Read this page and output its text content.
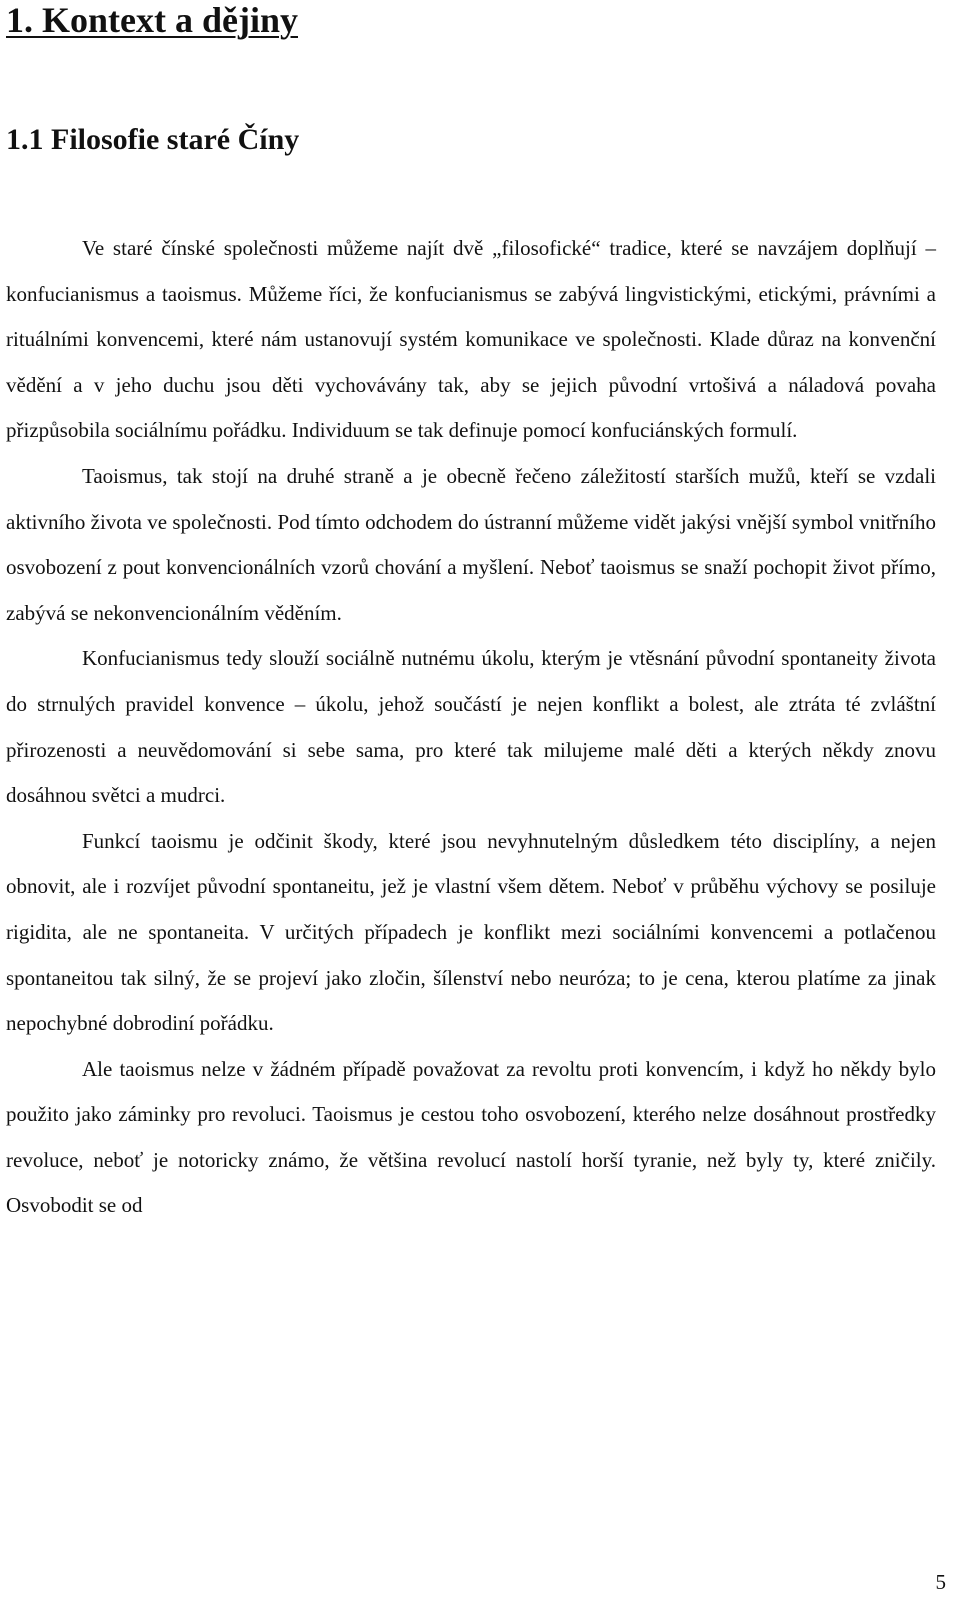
1. Kontext a dějiny
1.1 Filosofie staré Číny

Ve staré čínské společnosti můžeme najít dvě „filosofické“ tradice, které se navzájem doplňují – konfucianismus a taoismus. Můžeme říci, že konfucianismus se zabývá lingvistickými, etickými, právními a rituálními konvencemi, které nám ustanovují systém komunikace ve společnosti. Klade důraz na konvenční vědění a v jeho duchu jsou děti vychovávány tak, aby se jejich původní vrtošivá a náladová povaha přizpůsobila sociálnímu pořádku. Individuum se tak definuje pomocí konfuciánských formulí.

Taoismus, tak stojí na druhé straně a je obecně řečeno záležitostí starších mužů, kteří se vzdali aktivního života ve společnosti. Pod tímto odchodem do ústranní můžeme vidět jakýsi vnější symbol vnitřního osvobození z pout konvencionálních vzorů chování a myšlení. Neboť taoismus se snaží pochopit život přímo, zabývá se nekonvencionálním věděním.

Konfucianismus tedy slouží sociálně nutnému úkolu, kterým je vtěsnání původní spontaneity života do strnulých pravidel konvence – úkolu, jehož součástí je nejen konflikt a bolest, ale ztráta té zvláštní přirozenosti a neuvědomování si sebe sama, pro které tak milujeme malé děti a kterých někdy znovu dosáhnou světci a mudrci.

Funkcí taoismu je odčinit škody, které jsou nevyhnutelným důsledkem této disciplíny, a nejen obnovit, ale i rozvíjet původní spontaneitu, jež je vlastní všem dětem. Neboť v průběhu výchovy se posiluje rigidita, ale ne spontaneita. V určitých případech je konflikt mezi sociálními konvencemi a potlačenou spontaneitou tak silný, že se projeví jako zločin, šílenství nebo neuróza; to je cena, kterou platíme za jinak nepochybné dobrodiní pořádku.

Ale taoismus nelze v žádném případě považovat za revoltu proti konvencím, i když ho někdy bylo použito jako záminky pro revoluci. Taoismus je cestou toho osvobození, kterého nelze dosáhnout prostředky revoluce, neboť je notoricky známo, že většina revolucí nastolí horší tyranie, než byly ty, které zničily. Osvobodit se od

5
